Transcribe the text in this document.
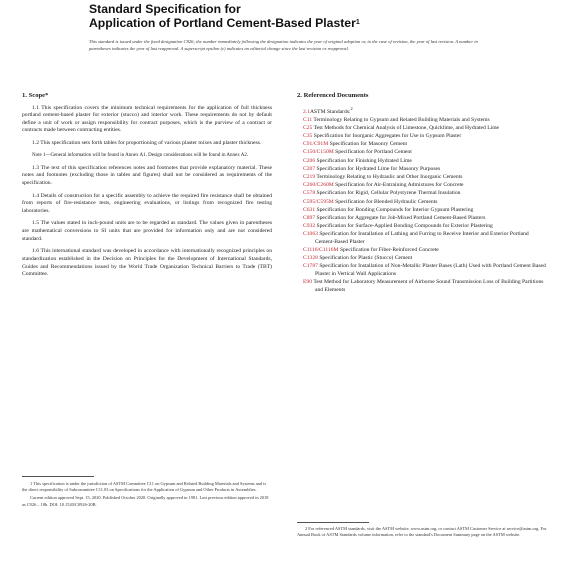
Standard Specification for
Application of Portland Cement-Based Plaster$^1$
This standard is issued under the fixed designation C926; the number immediately following the designation indicates the year of original adoption or, in the case of revision, the year of last revision. A number in parentheses indicates the year of last reapproval. A superscript epsilon (ε) indicates an editorial change since the last revision or reapproval.
1. Scope*

1.1 This specification covers the minimum technical requirements for the application of full thickness portland cement-based plaster for exterior (stucco) and interior work. These requirements do not by default define a unit of work or assign responsibility for contract purposes, which is the purview of a contract or contracts made between contracting entities.

1.2 This specification sets forth tables for proportioning of various plaster mixes and plaster thickness.

Note 1—General information will be found in Annex A1. Design considerations will be found in Annex A2.

1.3 The text of this specification references notes and footnotes that provide explanatory material. These notes and footnotes (excluding those in tables and figures) shall not be considered as requirements of the specification.

1.4 Details of construction for a specific assembly to achieve the required fire resistance shall be obtained from reports of fire-resistance tests, engineering evaluations, or listings from recognized fire testing laboratories.

1.5 The values stated in inch-pound units are to be regarded as standard. The values given in parentheses are mathematical conversions to SI units that are provided for information only and are not considered standard.

1.6 This international standard was developed in accordance with internationally recognized principles on standardization established in the Decision on Principles for the Development of International Standards, Guides and Recommendations issued by the World Trade Organization Technical Barriers to Trade (TBT) Committee.

2. Referenced Documents
2.1ASTM Standards:$^2$
C11 Terminology Relating to Gypsum and Related Building Materials and Systems
C25 Test Methods for Chemical Analysis of Limestone, Quicklime, and Hydrated Lime
C35 Specification for Inorganic Aggregates for Use in Gypsum Plaster
C91/C91M Specification for Masonry Cement
C150/C150M Specification for Portland Cement
C206 Specification for Finishing Hydrated Lime
C207 Specification for Hydrated Lime for Masonry Purposes
C219 Terminology Relating to Hydraulic and Other Inorganic Cements
C260/C260M Specification for Air-Entraining Admixtures for Concrete
C578 Specification for Rigid, Cellular Polystyrene Thermal Insulation
C595/C595M Specification for Blended Hydraulic Cements
C631 Specification for Bonding Compounds for Interior Gypsum Plastering
C897 Specification for Aggregate for Job-Mixed Portland Cement-Based Plasters
C932 Specification for Surface-Applied Bonding Compounds for Exterior Plastering
C1063 Specification for Installation of Lathing and Furring to Receive Interior and Exterior Portland Cement-Based Plaster
C1116/C1116M Specification for Fiber-Reinforced Concrete
C1328 Specification for Plastic (Stucco) Cement
C1787 Specification for Installation of Non-Metallic Plaster Bases (Lath) Used with Portland Cement Based Plaster in Vertical Wall Applications
E90 Test Method for Laboratory Measurement of Airborne Sound Transmission Loss of Building Partitions and Elements

1 This specification is under the jurisdiction of ASTM Committee C11 on Gypsum and Related Building Materials and Systems and is the direct responsibility of Subcommittee C11.03 on Specifications for the Application of Gypsum and Other Products in Assemblies.

Current edition approved Sept. 15, 2020. Published October 2020. Originally approved in 1981. Last previous edition approved in 2018 as C926 – 18b. DOI: 10.1520/C0926-20B.

2 For referenced ASTM standards, visit the ASTM website, www.astm.org, or contact ASTM Customer Service at service@astm.org. For Annual Book of ASTM Standards volume information, refer to the standard's Document Summary page on the ASTM website.
